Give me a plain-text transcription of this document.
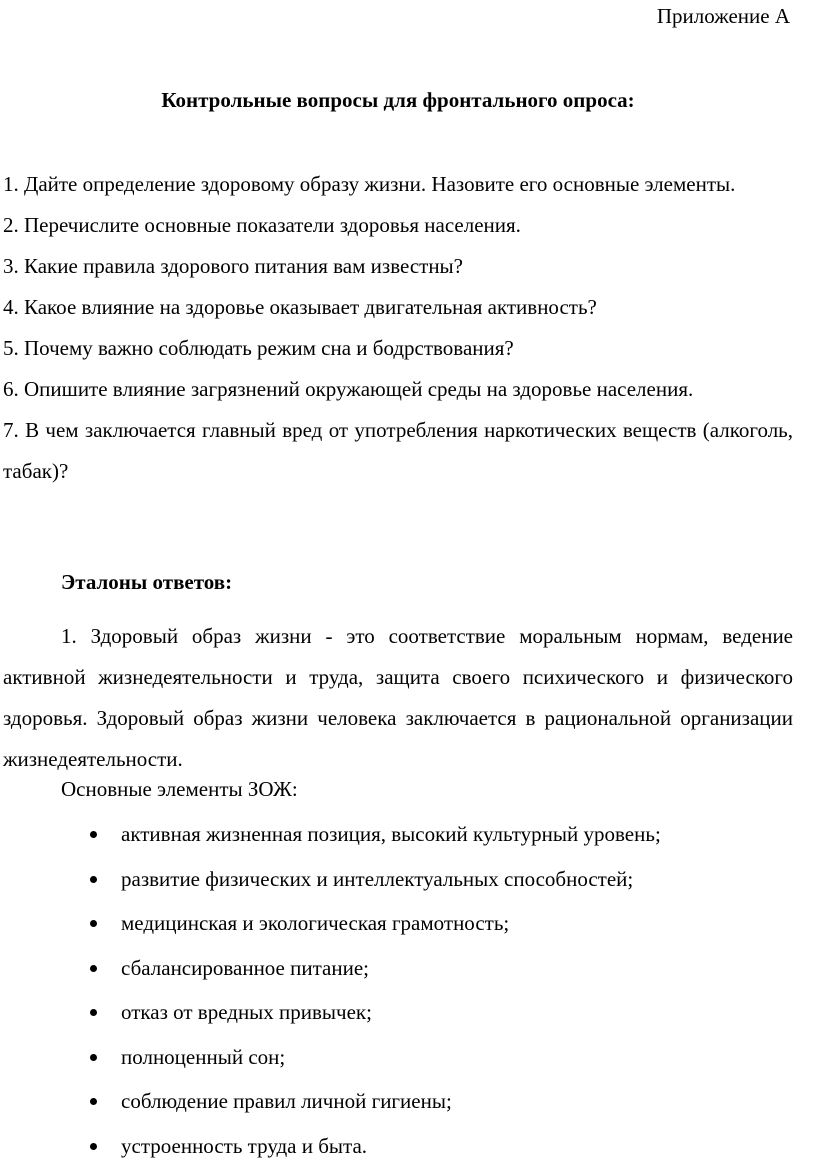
Приложение А
Контрольные вопросы для фронтального опроса:
1. Дайте определение здоровому образу жизни. Назовите его основные элементы.
2. Перечислите основные показатели здоровья населения.
3. Какие правила здорового питания вам известны?
4. Какое влияние на здоровье оказывает двигательная активность?
5. Почему важно соблюдать режим сна и бодрствования?
6. Опишите влияние загрязнений окружающей среды на здоровье населения.
7. В чем заключается главный вред от употребления наркотических веществ (алкоголь, табак)?
Эталоны ответов:

1. Здоровый образ жизни - это соответствие моральным нормам, ведение активной жизнедеятельности и труда, защита своего психического и физического здоровья. Здоровый образ жизни человека заключается в рациональной организации жизнедеятельности.

Основные элементы ЗОЖ:
активная жизненная позиция, высокий культурный уровень;
развитие физических и интеллектуальных способностей;
медицинская и экологическая грамотность;
сбалансированное питание;
отказ от вредных привычек;
полноценный сон;
соблюдение правил личной гигиены;
устроенность труда и быта.
